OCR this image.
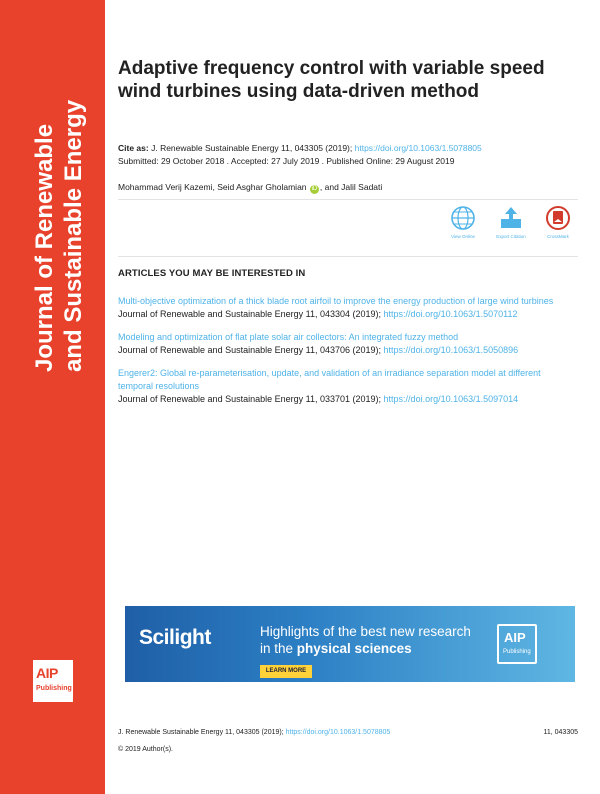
Journal of Renewable and Sustainable Energy
AIP
Publishing
Adaptive frequency control with variable speed wind turbines using data-driven method
Cite as: J. Renewable Sustainable Energy 11, 043305 (2019); https://doi.org/10.1063/1.5078805
Submitted: 29 October 2018 . Accepted: 27 July 2019 . Published Online: 29 August 2019
Mohammad Verij Kazemi, Seid Asghar Gholamian iD , and Jalil Sadati
View Online	Export Citation	CrossMark
ARTICLES YOU MAY BE INTERESTED IN
Multi-objective optimization of a thick blade root airfoil to improve the energy production of large wind turbines
Journal of Renewable and Sustainable Energy 11, 043304 (2019); https://doi.org/10.1063/1.5070112
Modeling and optimization of flat plate solar air collectors: An integrated fuzzy method
Journal of Renewable and Sustainable Energy 11, 043706 (2019); https://doi.org/10.1063/1.5050896
Engerer2: Global re-parameterisation, update, and validation of an irradiance separation model at different temporal resolutions
Journal of Renewable and Sustainable Energy 11, 033701 (2019); https://doi.org/10.1063/1.5097014
Scilight	Highlights of the best new research
in the physical sciences
LEARN MORE
AIP
Publishing
J. Renewable Sustainable Energy 11, 043305 (2019); https://doi.org/10.1063/1.5078805	11, 043305
© 2019 Author(s).
